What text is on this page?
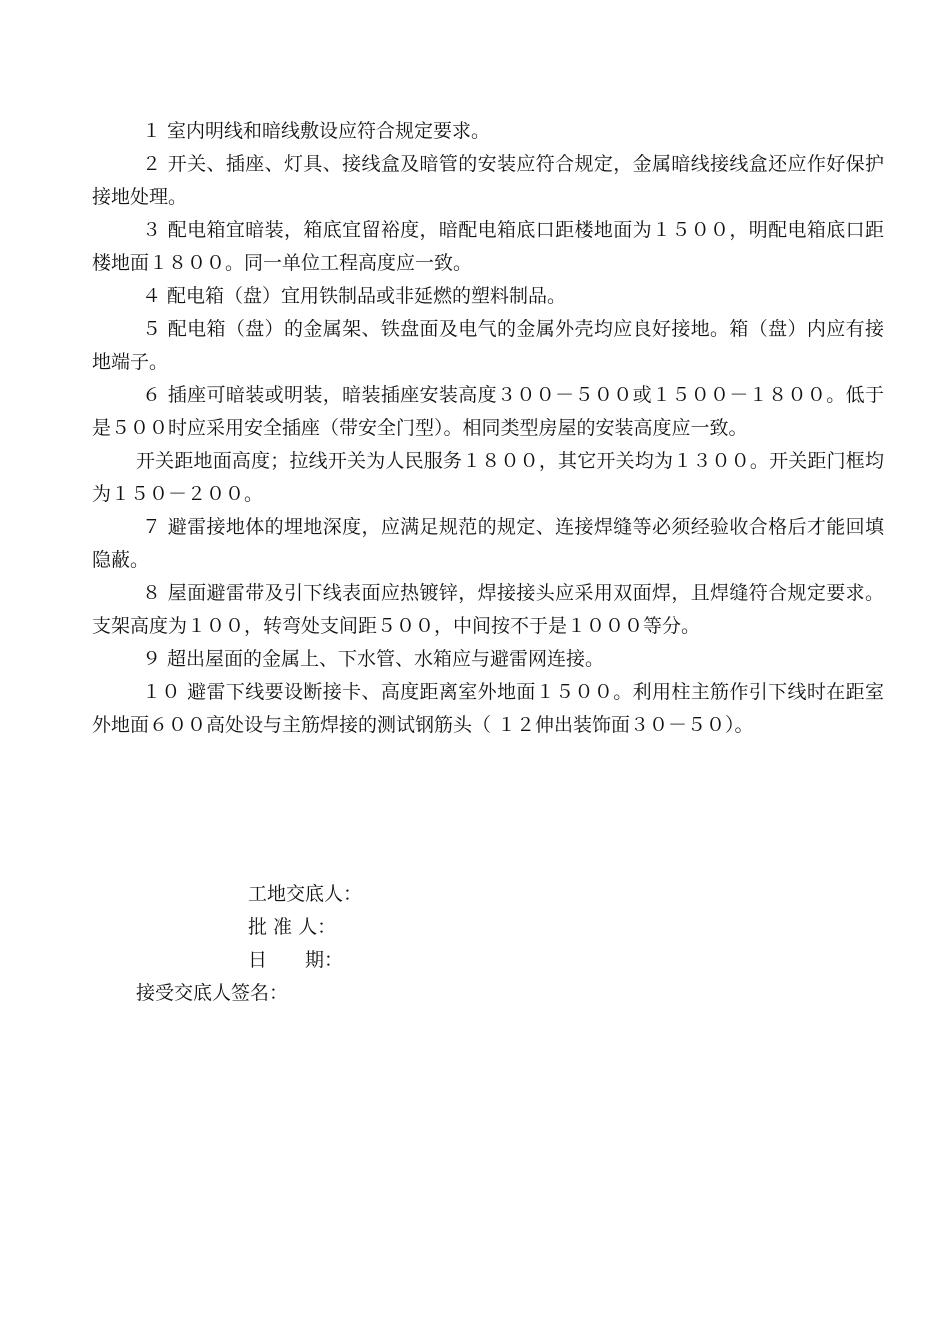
１ 室内明线和暗线敷设应符合规定要求。

２ 开关、插座、灯具、接线盒及暗管的安装应符合规定，金属暗线接线盒还应作好保护接地处理。

３ 配电箱宜暗装，箱底宜留裕度，暗配电箱底口距楼地面为１５００，明配电箱底口距楼地面１８００。同一单位工程高度应一致。

４ 配电箱（盘）宜用铁制品或非延燃的塑料制品。

５ 配电箱（盘）的金属架、铁盘面及电气的金属外壳均应良好接地。箱（盘）内应有接地端子。

６ 插座可暗装或明装，暗装插座安装高度３００－５００或１５００－１８００。低于是５００时应采用安全插座（带安全门型）。相同类型房屋的安装高度应一致。

开关距地面高度；拉线开关为人民服务１８００，其它开关均为１３００。开关距门框均为１５０－２００。

７ 避雷接地体的埋地深度，应满足规范的规定、连接焊缝等必须经验收合格后才能回填隐蔽。

８ 屋面避雷带及引下线表面应热镀锌，焊接接头应采用双面焊，且焊缝符合规定要求。支架高度为１００，转弯处支间距５００，中间按不于是１０００等分。

９ 超出屋面的金属上、下水管、水箱应与避雷网连接。

１０ 避雷下线要设断接卡、高度距离室外地面１５００。利用柱主筋作引下线时在距室外地面６００高处设与主筋焊接的测试钢筋头（ １２伸出装饰面３０－５０）。

工地交底人：

批 准 人：

日　　期：

接受交底人签名：
